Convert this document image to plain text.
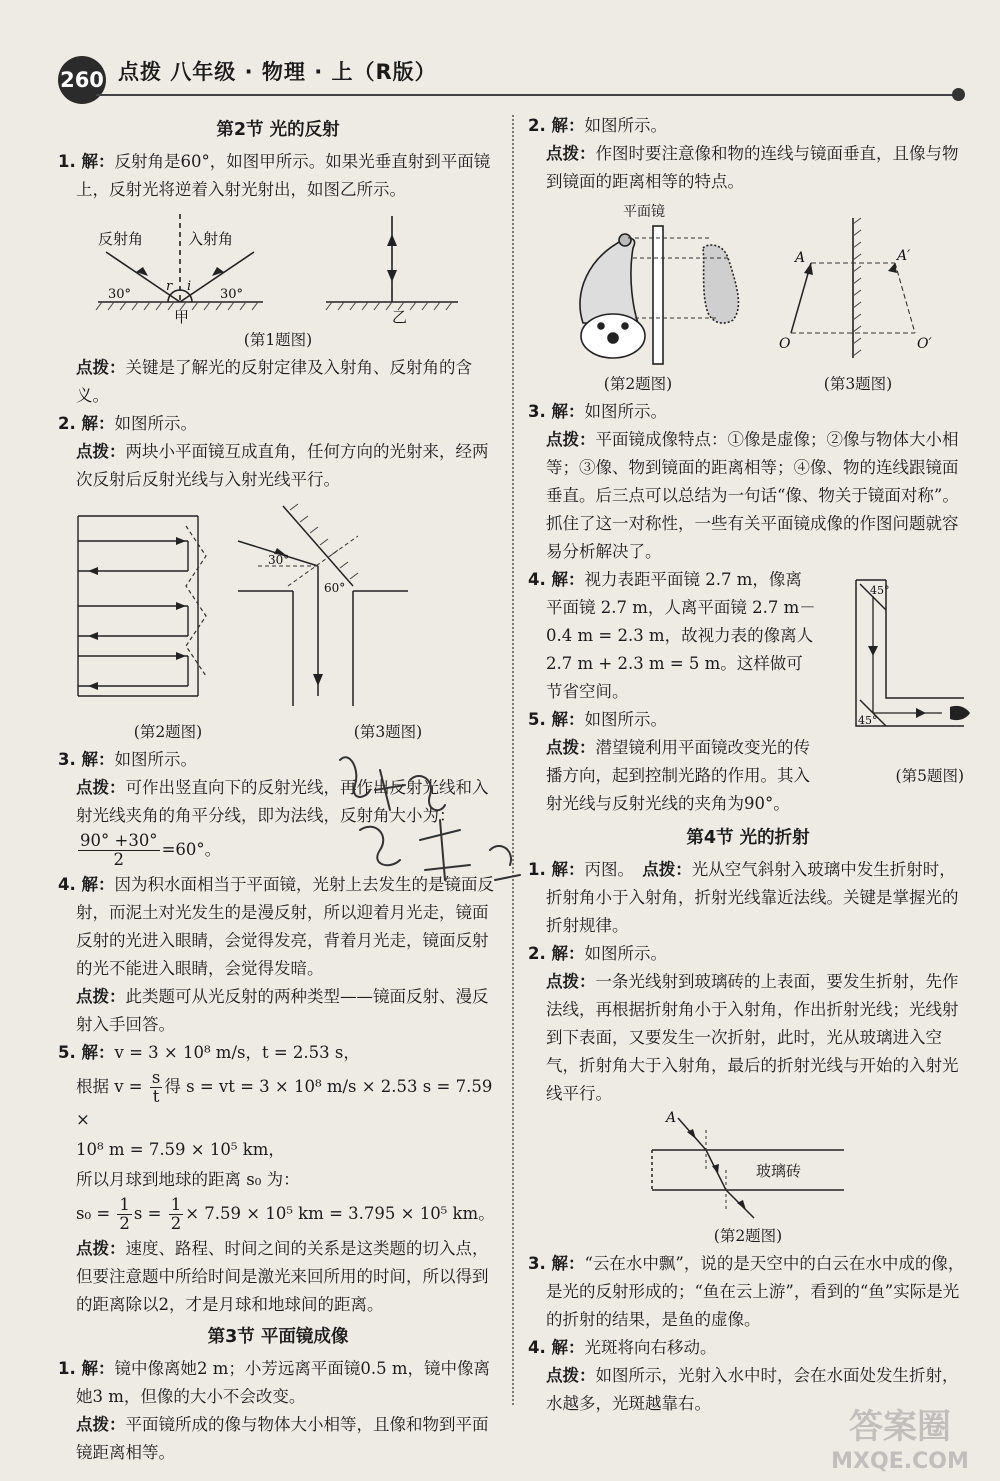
260 点拨 八年级 · 物理 · 上（R版）
第2节 光的反射

1. 解：反射角是60°，如图甲所示。如果光垂直射到平面镜上，反射光将逆着入射光射出，如图乙所示。

反射角	入射角
r i
30°	30°
甲	乙
(第1题图)

点拨：关键是了解光的反射定律及入射角、反射角的含义。

2. 解：如图所示。

点拨：两块小平面镜互成直角，任何方向的光射来，经两次反射后反射光线与入射光线平行。

30°
60°
(第2题图)	(第3题图)

3. 解：如图所示。

点拨：可作出竖直向下的反射光线，再作出反射光线和入射光线夹角的角平分线，即为法线，反射角大小为：

$\frac{90^\circ +30^\circ}{2} =60^\circ$。

4. 解：因为积水面相当于平面镜，光射上去发生的是镜面反射，而泥土对光发生的是漫反射，所以迎着月光走，镜面反射的光进入眼睛，会觉得发亮，背着月光走，镜面反射的光不能进入眼睛，会觉得发暗。

点拨：此类题可从光反射的两种类型——镜面反射、漫反射入手回答。

5. 解：v = 3 × 10⁸ m/s，t = 2.53 s，

根据 $v = \frac{s}{t}$ 得 s = vt = 3 × 10⁸ m/s × 2.53 s = 7.59 ×

10⁸ m = 7.59 × 10⁵ km，

所以月球到地球的距离 s₀ 为：

$s_0 = \frac{1}{2}$ $s = \frac{1}{2} \times 7.59 \times 10^5$ km = 3.795 × 10⁵ km。

点拨：速度、路程、时间之间的关系是这类题的切入点，但要注意题中所给时间是激光来回所用的时间，所以得到的距离除以2，才是月球和地球间的距离。

第3节 平面镜成像

1. 解：镜中像离她2 m；小芳远离平面镜0.5 m，镜中像离她3 m，但像的大小不会改变。

点拨：平面镜所成的像与物体大小相等，且像和物到平面镜距离相等。

2. 解：如图所示。

点拨：作图时要注意像和物的连线与镜面垂直，且像与物到镜面的距离相等的特点。

平面镜
A	A′
O	O′
(第2题图)	(第3题图)

3. 解：如图所示。

点拨：平面镜成像特点：①像是虚像；②像与物体大小相等；③像、物到镜面的距离相等；④像、物的连线跟镜面垂直。后三点可以总结为一句话“像、物关于镜面对称”。抓住了这一对称性，一些有关平面镜成像的作图问题就容易分析解决了。

45°
45°

4. 解：视力表距平面镜 2.7 m，像离平面镜 2.7 m，人离平面镜 2.7 m－0.4 m = 2.3 m，故视力表的像离人 2.7 m + 2.3 m = 5 m。这样做可节省空间。

5. 解：如图所示。

点拨：潜望镜利用平面镜改变光的传播方向，起到控制光路的作用。其入射光线与反射光线的夹角为90°。

(第5题图)
第4节 光的折射

1. 解：丙图。　 点拨：光从空气斜射入玻璃中发生折射时，折射角小于入射角，折射光线靠近法线。关键是掌握光的折射规律。

2. 解：如图所示。

点拨：一条光线射到玻璃砖的上表面，要发生折射，先作法线，再根据折射角小于入射角，作出折射光线；光线射到下表面，又要发生一次折射，此时，光从玻璃进入空气，折射角大于入射角，最后的折射光线与开始的入射光线平行。

A
玻璃砖
(第2题图)

3. 解：“云在水中飘”，说的是天空中的白云在水中成的像，是光的反射形成的；“鱼在云上游”，看到的“鱼”实际是光的折射的结果，是鱼的虚像。

4. 解：光斑将向右移动。

点拨：如图所示，光射入水中时，会在水面处发生折射，水越多，光斑越靠右。

答案圈
MXQE.COM
